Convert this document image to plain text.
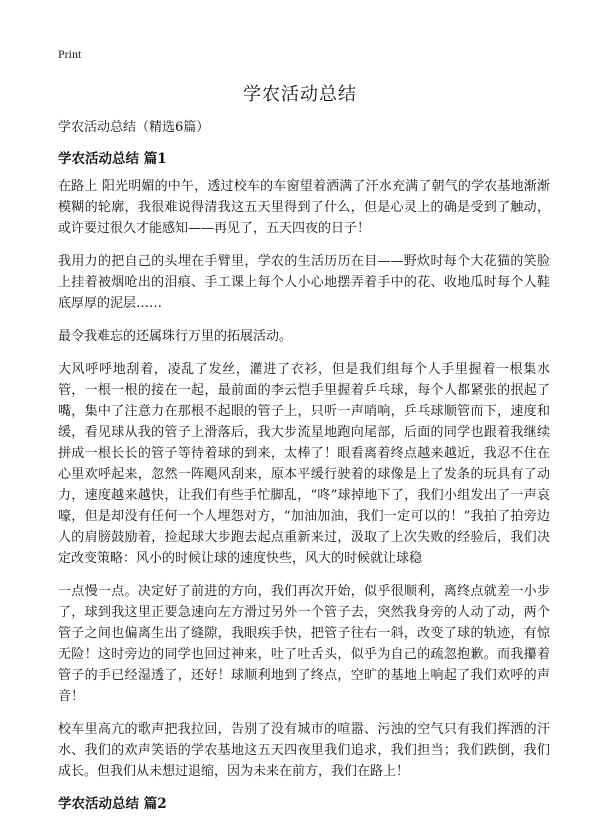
Print
学农活动总结

学农活动总结（精选6篇）

学农活动总结 篇1

在路上 阳光明媚的中午，透过校车的车窗望着洒满了汗水充满了朝气的学农基地渐渐模糊的轮廓，我很难说得清我这五天里得到了什么，但是心灵上的确是受到了触动，或许要过很久才能感知——再见了，五天四夜的日子！

我用力的把自己的头埋在手臂里，学农的生活历历在目——野炊时每个大花猫的笑脸上挂着被烟呛出的泪痕、手工课上每个人小心地摆弄着手中的花、收地瓜时每个人鞋底厚厚的泥层……

最令我难忘的还属珠行万里的拓展活动。

大风呼呼地刮着，凌乱了发丝，灌进了衣衫，但是我们组每个人手里握着一根集水管，一根一根的接在一起，最前面的李云恺手里握着乒乓球，每个人都紧张的抿起了嘴，集中了注意力在那根不起眼的管子上，只听一声哨响，乒乓球顺管而下，速度和缓，看见球从我的管子上滑落后，我大步流星地跑向尾部，后面的同学也跟着我继续拼成一根长长的管子等待着球的到来，太棒了！眼看离着终点越来越近，我忍不住在心里欢呼起来，忽然一阵飓风刮来，原本平缓行驶着的球像是上了发条的玩具有了动力，速度越来越快，让我们有些手忙脚乱，“咚”球掉地下了，我们小组发出了一声哀嚎，但是却没有任何一个人埋怨对方，“加油加油，我们一定可以的！”我拍了拍旁边人的肩膀鼓励着，捡起球大步跑去起点重新来过，汲取了上次失败的经验后，我们决定改变策略：风小的时候让球的速度快些，风大的时候就让球稳

一点慢一点。决定好了前进的方向，我们再次开始，似乎很顺利，离终点就差一小步了，球到我这里正要急速向左方滑过另外一个管子去，突然我身旁的人动了动，两个管子之间也偏离生出了缝隙，我眼疾手快，把管子往右一斜，改变了球的轨迹，有惊无险！这时旁边的同学也回过神来，吐了吐舌头，似乎为自己的疏忽抱歉。而我攥着管子的手已经湿透了，还好！球顺利地到了终点，空旷的基地上响起了我们欢呼的声音！

校车里高亢的歌声把我拉回，告别了没有城市的喧嚣、污浊的空气只有我们挥洒的汗水、我们的欢声笑语的学农基地这五天四夜里我们追求，我们担当；我们跌倒，我们成长。但我们从未想过退缩，因为未来在前方，我们在路上！

学农活动总结 篇2
